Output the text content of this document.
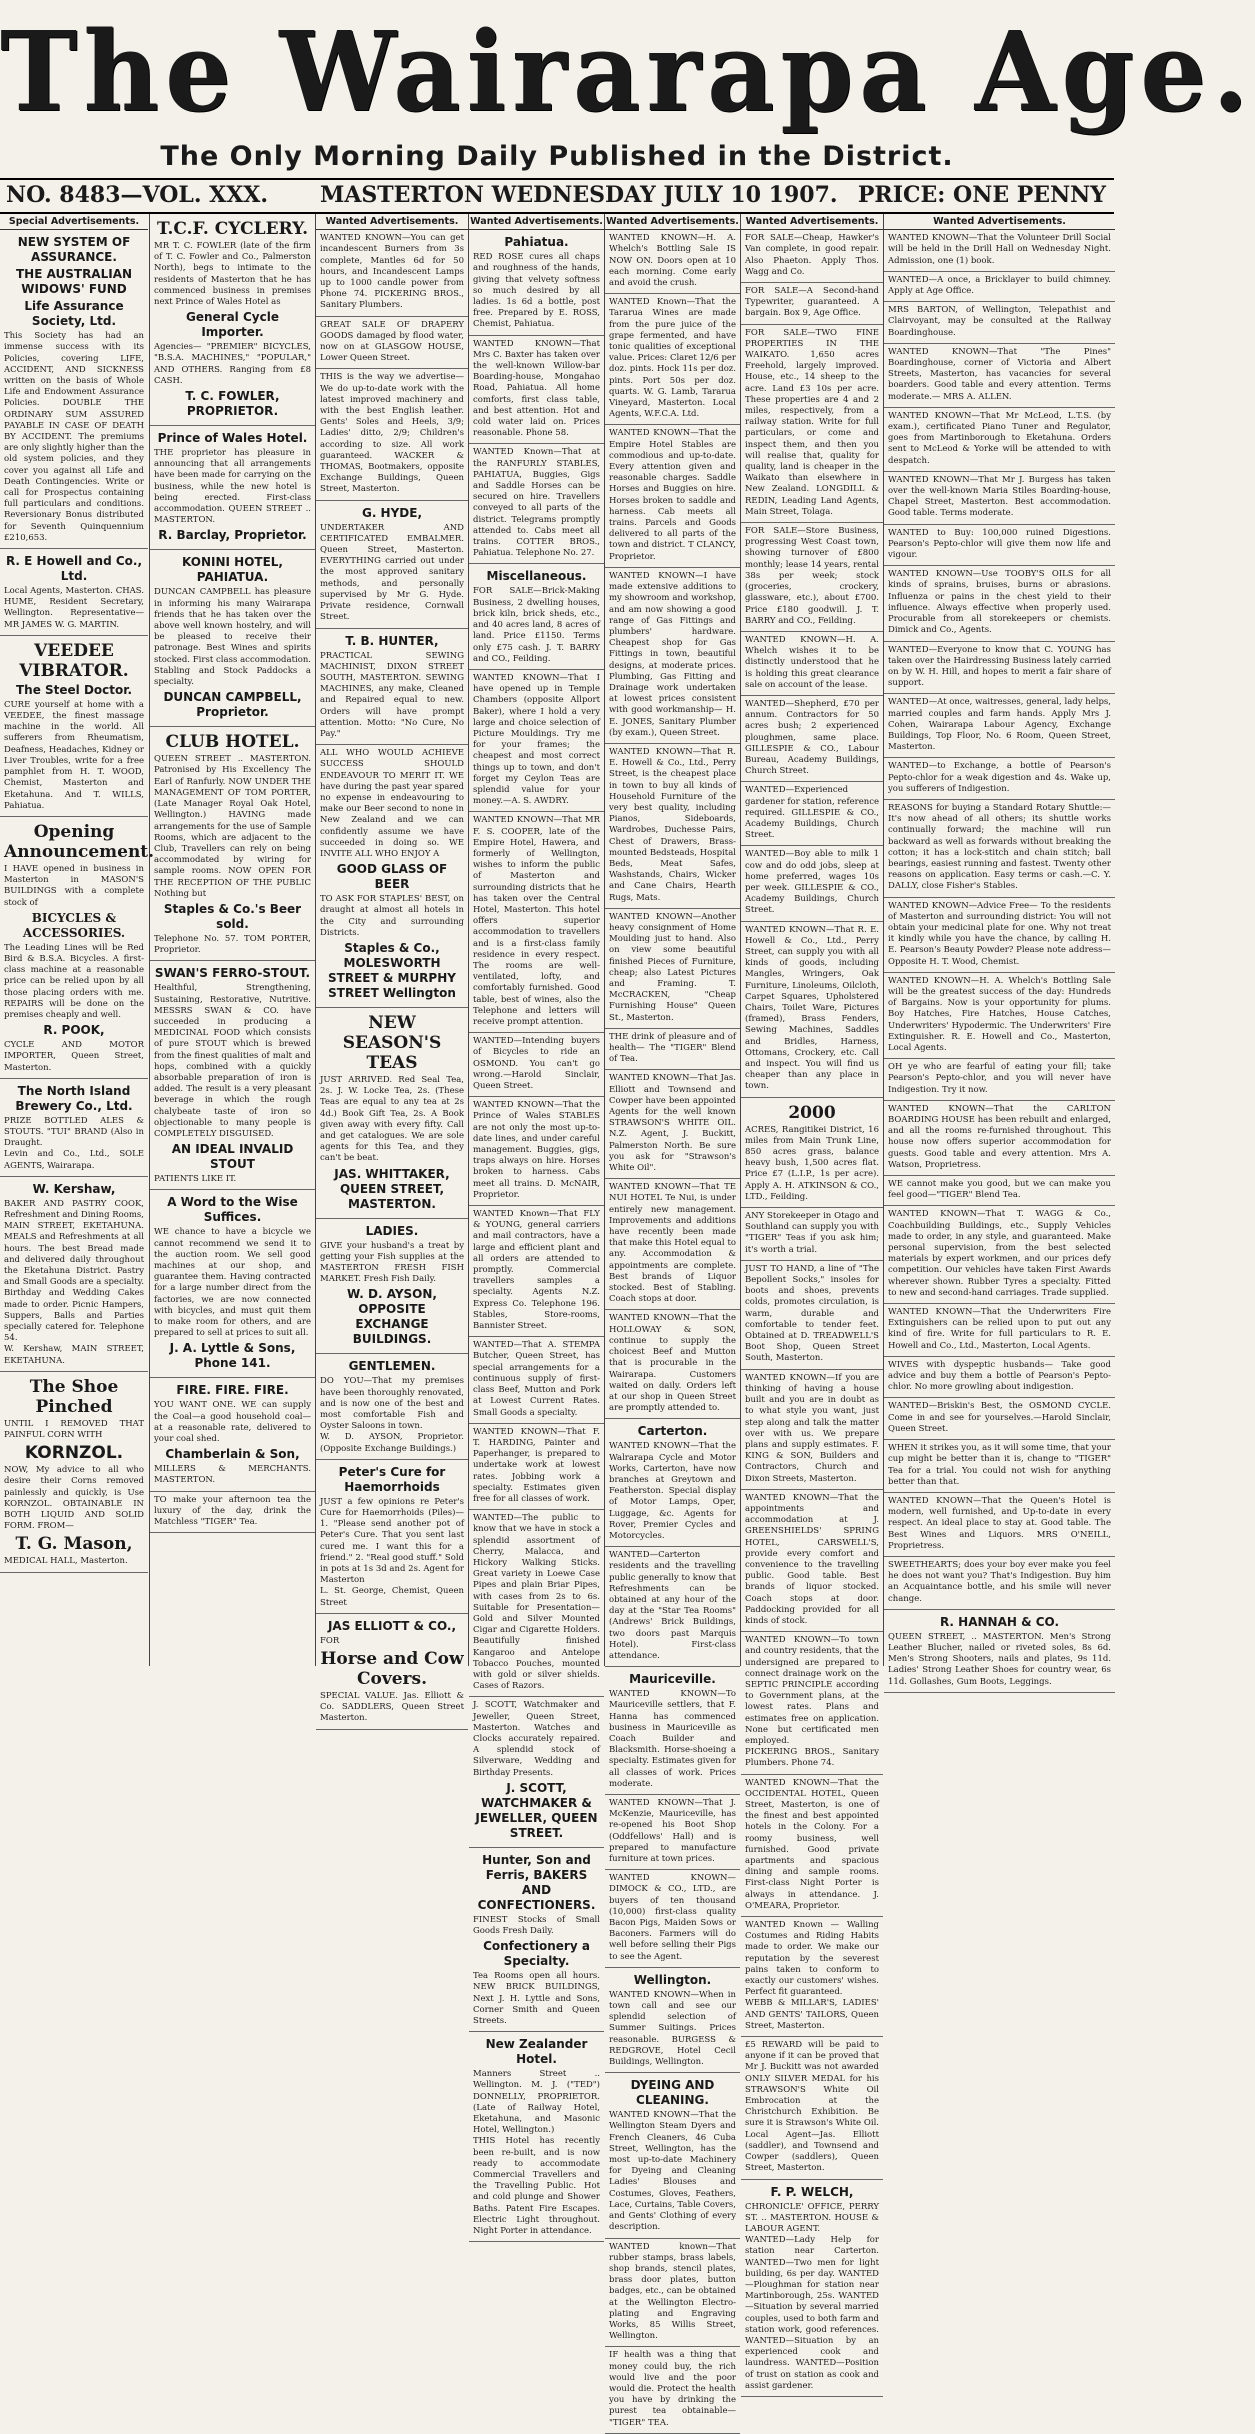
The Wairarapa Age.
The Only Morning Daily Published in the District.
NO. 8483—VOL. XXX. MASTERTON WEDNESDAY JULY 10 1907. PRICE: ONE PENNY
Special Advertisements.
NEW SYSTEM OF ASSURANCE.
THE AUSTRALIAN WIDOWS' FUND
Life Assurance Society, Ltd.

This Society has had an immense success with its Policies, covering LIFE, ACCIDENT, AND SICKNESS written on the basis of Whole Life and Endowment Assurance Policies. DOUBLE THE ORDINARY SUM ASSURED PAYABLE IN CASE OF DEATH BY ACCIDENT. The premiums are only slightly higher than the old system policies, and they cover you against all Life and Death Contingencies. Write or call for Prospectus containing full particulars and conditions. Reversionary Bonus distributed for Seventh Quinquennium £210,653.

R. E Howell and Co., Ltd.

Local Agents, Masterton. CHAS. HUME, Resident Secretary, Wellington. Representative— MR JAMES W. G. MARTIN.

VEEDEE VIBRATOR.
The Steel Doctor.

CURE yourself at home with a VEEDEE, the finest massage machine in the world. All sufferers from Rheumatism, Deafness, Headaches, Kidney or Liver Troubles, write for a free pamphlet from H. T. WOOD, Chemist, Masterton and Eketahuna. And T. WILLS, Pahiatua.

Opening Announcement.

I HAVE opened in business in Masterton in MASON'S BUILDINGS with a complete stock of

BICYCLES & ACCESSORIES.

The Leading Lines will be Red Bird & B.S.A. Bicycles. A first-class machine at a reasonable price can be relied upon by all those placing orders with me. REPAIRS will be done on the premises cheaply and well.

R. POOK,

CYCLE AND MOTOR IMPORTER, Queen Street, Masterton.

The North Island Brewery Co., Ltd.

PRIZE BOTTLED ALES & STOUTS. "TUI" BRAND (Also in Draught.

Levin and Co., Ltd., SOLE AGENTS, Wairarapa.

W. Kershaw,

BAKER AND PASTRY COOK, Refreshment and Dining Rooms, MAIN STREET, EKETAHUNA. MEALS and Refreshments at all hours. The best Bread made and delivered daily throughout the Eketahuna District. Pastry and Small Goods are a specialty. Birthday and Wedding Cakes made to order. Picnic Hampers, Suppers, Balls and Parties specially catered for. Telephone 54.

W. Kershaw, MAIN STREET, EKETAHUNA.

The Shoe Pinched

UNTIL I REMOVED THAT PAINFUL CORN WITH

KORNZOL.

NOW, My advice to all who desire their Corns removed painlessly and quickly, is Use KORNZOL. OBTAINABLE IN BOTH LIQUID AND SOLID FORM. FROM—

T. G. Mason,

MEDICAL HALL, Masterton.

T.C.F. CYCLERY.

MR T. C. FOWLER (late of the firm of T. C. Fowler and Co., Palmerston North), begs to intimate to the residents of Masterton that he has commenced business in premises next Prince of Wales Hotel as

General Cycle Importer.

Agencies— "PREMIER" BICYCLES, "B.S.A. MACHINES," "POPULAR," AND OTHERS. Ranging from £8 CASH.

T. C. FOWLER, PROPRIETOR.
Prince of Wales Hotel.

THE proprietor has pleasure in announcing that all arrangements have been made for carrying on the business, while the new hotel is being erected. First-class accommodation. QUEEN STREET .. MASTERTON.

R. Barclay, Proprietor.
KONINI HOTEL, PAHIATUA.

DUNCAN CAMPBELL has pleasure in informing his many Wairarapa friends that he has taken over the above well known hostelry, and will be pleased to receive their patronage. Best Wines and spirits stocked. First class accommodation. Stabling and Stock Paddocks a specialty.

DUNCAN CAMPBELL, Proprietor.
CLUB HOTEL.

QUEEN STREET .. MASTERTON. Patronised by His Excellency The Earl of Ranfurly. NOW UNDER THE MANAGEMENT OF TOM PORTER, (Late Manager Royal Oak Hotel, Wellington.) HAVING made arrangements for the use of Sample Rooms, which are adjacent to the Club, Travellers can rely on being accommodated by wiring for sample rooms. NOW OPEN FOR THE RECEPTION OF THE PUBLIC Nothing but

Staples & Co.'s Beer sold.

Telephone No. 57. TOM PORTER, Proprietor.

SWAN'S FERRO-STOUT.

Healthful, Strengthening, Sustaining, Restorative, Nutritive. MESSRS SWAN & CO. have succeeded in producing a MEDICINAL FOOD which consists of pure STOUT which is brewed from the finest qualities of malt and hops, combined with a quickly absorbable preparation of iron is added. The result is a very pleasant beverage in which the rough chalybeate taste of iron so objectionable to many people is COMPLETELY DISGUISED.

AN IDEAL INVALID STOUT

PATIENTS LIKE IT.

A Word to the Wise Suffices.

WE chance to have a bicycle we cannot recommend we send it to the auction room. We sell good machines at our shop, and guarantee them. Having contracted for a large number direct from the factories, we are now connected with bicycles, and must quit them to make room for others, and are prepared to sell at prices to suit all.

J. A. Lyttle & Sons, Phone 141.
FIRE. FIRE. FIRE.

YOU WANT ONE. WE can supply the Coal—a good household coal—at a reasonable rate, delivered to your coal shed.

Chamberlain & Son,

MILLERS & MERCHANTS. MASTERTON.

TO make your afternoon tea the luxury of the day, drink the Matchless "TIGER" Tea.

Wanted Advertisements.

WANTED KNOWN—You can get incandescent Burners from 3s complete, Mantles 6d for 50 hours, and Incandescent Lamps up to 1000 candle power from Phone 74. PICKERING BROS., Sanitary Plumbers.

GREAT SALE OF DRAPERY GOODS damaged by flood water, now on at GLASGOW HOUSE, Lower Queen Street.

THIS is the way we advertise—We do up-to-date work with the latest improved machinery and with the best English leather. Gents' Soles and Heels, 3/9; Ladies' ditto, 2/9; Children's according to size. All work guaranteed. WACKER & THOMAS, Bootmakers, opposite Exchange Buildings, Queen Street, Masterton.

G. HYDE,

UNDERTAKER AND CERTIFICATED EMBALMER. Queen Street, Masterton. EVERYTHING carried out under the most approved sanitary methods, and personally supervised by Mr G. Hyde. Private residence, Cornwall Street.

T. B. HUNTER,

PRACTICAL SEWING MACHINIST, DIXON STREET SOUTH, MASTERTON. SEWING MACHINES, any make, Cleaned and Repaired equal to new. Orders will have prompt attention. Motto: "No Cure, No Pay."

ALL WHO WOULD ACHIEVE SUCCESS SHOULD ENDEAVOUR TO MERIT IT. WE have during the past year spared no expense in endeavouring to make our Beer second to none in New Zealand and we can confidently assume we have succeeded in doing so. WE INVITE ALL WHO ENJOY A

GOOD GLASS OF BEER

TO ASK FOR STAPLES' BEST, on draught at almost all hotels in the City and surrounding Districts.

Staples & Co., MOLESWORTH STREET & MURPHY STREET Wellington
NEW SEASON'S TEAS

JUST ARRIVED. Red Seal Tea, 2s. J. W. Locke Tea, 2s. (These Teas are equal to any tea at 2s 4d.) Book Gift Tea, 2s. A Book given away with every fifty. Call and get catalogues. We are sole agents for this Tea, and they can't be beat.

JAS. WHITTAKER, QUEEN STREET, MASTERTON.
LADIES.

GIVE your husband's a treat by getting your Fish supplies at the MASTERTON FRESH FISH MARKET. Fresh Fish Daily.

W. D. AYSON, OPPOSITE EXCHANGE BUILDINGS.
GENTLEMEN.

DO YOU—That my premises have been thoroughly renovated, and is now one of the best and most comfortable Fish and Oyster Saloons in town.

W. D. AYSON, Proprietor. (Opposite Exchange Buildings.)

Peter's Cure for Haemorrhoids

JUST a few opinions re Peter's Cure for Haemorrhoids (Piles)— 1. "Please send another pot of Peter's Cure. That you sent last cured me. I want this for a friend." 2. "Real good stuff." Sold in pots at 1s 3d and 2s. Agent for Masterton

L. St. George, Chemist, Queen Street

JAS ELLIOTT & CO.,

FOR

Horse and Cow Covers.

SPECIAL VALUE. Jas. Elliott & Co. SADDLERS, Queen Street Masterton.

Wanted Advertisements.
Pahiatua.

RED ROSE cures all chaps and roughness of the hands, giving that velvety softness so much desired by all ladies. 1s 6d a bottle, post free. Prepared by E. ROSS, Chemist, Pahiatua.

WANTED KNOWN—That Mrs C. Baxter has taken over the well-known Willow-bar Boarding-house, Mongahao Road, Pahiatua. All home comforts, first class table, and best attention. Hot and cold water laid on. Prices reasonable. Phone 58.

WANTED Known—That at the RANFURLY STABLES, PAHIATUA, Buggies, Gigs and Saddle Horses can be secured on hire. Travellers conveyed to all parts of the district. Telegrams promptly attended to. Cabs meet all trains. COTTER BROS., Pahiatua. Telephone No. 27.

Miscellaneous.

FOR SALE—Brick-Making Business, 2 dwelling houses, brick kiln, brick sheds, etc., and 40 acres land, 8 acres of land. Price £1150. Terms only £75 cash. J. T. BARRY and CO., Feilding.

WANTED KNOWN—That I have opened up in Temple Chambers (opposite Allport Baker), where I hold a very large and choice selection of Picture Mouldings. Try me for your frames; the cheapest and most correct things up to town, and don't forget my Ceylon Teas are splendid value for your money.—A. S. AWDRY.

WANTED KNOWN—That MR F. S. COOPER, late of the Empire Hotel, Hawera, and formerly of Wellington, wishes to inform the public of Masterton and surrounding districts that he has taken over the Central Hotel, Masterton. This hotel offers superior accommodation to travellers and is a first-class family residence in every respect. The rooms are well-ventilated, lofty, and comfortably furnished. Good table, best of wines, also the Telephone and letters will receive prompt attention.

WANTED—Intending buyers of Bicycles to ride an OSMOND. You can't go wrong.—Harold Sinclair, Queen Street.

WANTED KNOWN—That the Prince of Wales STABLES are not only the most up-to-date lines, and under careful management. Buggies, gigs, traps always on hire. Horses broken to harness. Cabs meet all trains. D. McNAIR, Proprietor.

WANTED Known—That FLY & YOUNG, general carriers and mail contractors, have a large and efficient plant and all orders are attended to promptly. Commercial travellers samples a specialty. Agents N.Z. Express Co. Telephone 196. Stables, Store-rooms, Bannister Street.

WANTED—That A. STEMPA Butcher, Queen Street, has special arrangements for a continuous supply of first-class Beef, Mutton and Pork at Lowest Current Rates. Small Goods a specialty.

WANTED KNOWN—That F. T. HARDING, Painter and Paperhanger, is prepared to undertake work at lowest rates. Jobbing work a specialty. Estimates given free for all classes of work.

WANTED—The public to know that we have in stock a splendid assortment of Cherry, Malacca, and Hickory Walking Sticks. Great variety in Loewe Case Pipes and plain Briar Pipes, with cases from 2s to 6s. Suitable for Presentation—Gold and Silver Mounted Cigar and Cigarette Holders. Beautifully finished Kangaroo and Antelope Tobacco Pouches, mounted with gold or silver shields. Cases of Razors.

J. SCOTT, Watchmaker and Jeweller, Queen Street, Masterton. Watches and Clocks accurately repaired. A splendid stock of Silverware, Wedding and Birthday Presents.

J. SCOTT, WATCHMAKER & JEWELLER, QUEEN STREET.
Hunter, Son and Ferris, BAKERS AND CONFECTIONERS.

FINEST Stocks of Small Goods Fresh Daily.

Confectionery a Specialty.

Tea Rooms open all hours. NEW BRICK BUILDINGS, Next J. H. Lyttle and Sons, Corner Smith and Queen Streets.

New Zealander Hotel.

Manners Street .. Wellington. M. J. ("TED") DONNELLY, PROPRIETOR. (Late of Railway Hotel, Eketahuna, and Masonic Hotel, Wellington.)

THIS Hotel has recently been re-built, and is now ready to accommodate Commercial Travellers and the Travelling Public. Hot and cold plunge and Shower Baths. Patent Fire Escapes. Electric Light throughout. Night Porter in attendance.

Wanted Advertisements.

WANTED KNOWN—H. A. Whelch's Bottling Sale IS NOW ON. Doors open at 10 each morning. Come early and avoid the crush.

WANTED Known—That the Tararua Wines are made from the pure juice of the grape fermented, and have tonic qualities of exceptional value. Prices: Claret 12/6 per doz. pints. Hock 11s per doz. pints. Port 50s per doz. quarts. W. G. Lamb, Tararua Vineyard, Masterton. Local Agents, W.F.C.A. Ltd.

WANTED KNOWN—That the Empire Hotel Stables are commodious and up-to-date. Every attention given and reasonable charges. Saddle Horses and Buggies on hire. Horses broken to saddle and harness. Cab meets all trains. Parcels and Goods delivered to all parts of the town and district. T CLANCY, Proprietor.

WANTED KNOWN—I have made extensive additions to my showroom and workshop, and am now showing a good range of Gas Fittings and plumbers' hardware. Cheapest shop for Gas Fittings in town, beautiful designs, at moderate prices. Plumbing, Gas Fitting and Drainage work undertaken at lowest prices consistent with good workmanship— H. E. JONES, Sanitary Plumber (by exam.), Queen Street.

WANTED KNOWN—That R. E. Howell & Co., Ltd., Perry Street, is the cheapest place in town to buy all kinds of Household Furniture of the very best quality, including Pianos, Sideboards, Wardrobes, Duchesse Pairs, Chest of Drawers, Brass-mounted Bedsteads, Hospital Beds, Meat Safes, Washstands, Chairs, Wicker and Cane Chairs, Hearth Rugs, Mats.

WANTED KNOWN—Another heavy consignment of Home Moulding just to hand. Also on view some beautiful finished Pieces of Furniture, cheap; also Latest Pictures and Framing. T. McCRACKEN, "Cheap Furnishing House" Queen St., Masterton.

THE drink of pleasure and of health— The "TIGER" Blend of Tea.

WANTED KNOWN—That Jas. Elliott and Townsend and Cowper have been appointed Agents for the well known STRAWSON'S WHITE OIL. N.Z. Agent, J. Buckitt, Palmerston North. Be sure you ask for "Strawson's White Oil".

WANTED KNOWN—That TE NUI HOTEL Te Nui, is under entirely new management. Improvements and additions have recently been made that make this Hotel equal to any. Accommodation & appointments are complete. Best brands of Liquor stocked. Best of Stabling. Coach stops at door.

WANTED KNOWN—That the HOLLOWAY & SON, continue to supply the choicest Beef and Mutton that is procurable in the Wairarapa. Customers waited on daily. Orders left at our shop in Queen Street are promptly attended to.

Carterton.

WANTED KNOWN—That the Walrarapa Cycle and Motor Works, Carterton, have now branches at Greytown and Featherston. Special display of Motor Lamps, Oper, Luggage, &c. Agents for Rover, Premier Cycles and Motorcycles.

WANTED—Carterton residents and the travelling public generally to know that Refreshments can be obtained at any hour of the day at the "Star Tea Rooms" (Andrews' Brick Buildings, two doors past Marquis Hotel). First-class attendance.

Mauriceville.

WANTED KNOWN—To Mauriceville settlers, that F. Hanna has commenced business in Mauriceville as Coach Builder and Blacksmith. Horse-shoeing a specialty. Estimates given for all classes of work. Prices moderate.

WANTED KNOWN—That J. McKenzie, Mauriceville, has re-opened his Boot Shop (Oddfellows' Hall) and is prepared to manufacture furniture at town prices.

WANTED KNOWN—DIMOCK & CO., LTD., are buyers of ten thousand (10,000) first-class quality Bacon Pigs, Maiden Sows or Baconers. Farmers will do well before selling their Pigs to see the Agent.

Wellington.

WANTED KNOWN—When in town call and see our splendid selection of Summer Suitings. Prices reasonable. BURGESS & REDGROVE, Hotel Cecil Buildings, Wellington.

DYEING AND CLEANING.

WANTED KNOWN—That the Wellington Steam Dyers and French Cleaners, 46 Cuba Street, Wellington, has the most up-to-date Machinery for Dyeing and Cleaning Ladies' Blouses and Costumes, Gloves, Feathers, Lace, Curtains, Table Covers, and Gents' Clothing of every description.

WANTED known—That rubber stamps, brass labels, shop brands, stencil plates, brass door plates, button badges, etc., can be obtained at the Wellington Electro-plating and Engraving Works, 85 Willis Street, Wellington.

IF health was a thing that money could buy, the rich would live and the poor would die. Protect the health you have by drinking the purest tea obtainable— "TIGER" TEA.

Wanted Advertisements.

FOR SALE—Cheap, Hawker's Van complete, in good repair. Also Phaeton. Apply Thos. Wagg and Co.

FOR SALE—A Second-hand Typewriter, guaranteed. A bargain. Box 9, Age Office.

FOR SALE—TWO FINE PROPERTIES IN THE WAIKATO. 1,650 acres Freehold, largely improved. House, etc., 14 sheep to the acre. Land £3 10s per acre. These properties are 4 and 2 miles, respectively, from a railway station. Write for full particulars, or come and inspect them, and then you will realise that, quality for quality, land is cheaper in the Waikato than elsewhere in New Zealand. LONGDILL & REDIN, Leading Land Agents, Main Street, Tolaga.

FOR SALE—Store Business, progressing West Coast town, showing turnover of £800 monthly; lease 14 years, rental 38s per week; stock (groceries, crockery, glassware, etc.), about £700. Price £180 goodwill. J. T. BARRY and CO., Feilding.

WANTED KNOWN—H. A. Whelch wishes it to be distinctly understood that he is holding this great clearance sale on account of the lease.

WANTED—Shepherd, £70 per annum. Contractors for 50 acres bush; 2 experienced ploughmen, same place. GILLESPIE & CO., Labour Bureau, Academy Buildings, Church Street.

WANTED—Experienced gardener for station, reference required. GILLESPIE & CO., Academy Buildings, Church Street.

WANTED—Boy able to milk 1 cow and do odd jobs, sleep at home preferred, wages 10s per week. GILLESPIE & CO., Academy Buildings, Church Street.

WANTED KNOWN—That R. E. Howell & Co., Ltd., Perry Street, can supply you with all kinds of goods, including Mangles, Wringers, Oak Furniture, Linoleums, Oilcloth, Carpet Squares, Upholstered Chairs, Toilet Ware, Pictures (framed), Brass Fenders, Sewing Machines, Saddles and Bridles, Harness, Ottomans, Crockery, etc. Call and inspect. You will find us cheaper than any place in town.

2000

ACRES, Rangitikei District, 16 miles from Main Trunk Line, 850 acres grass, balance heavy bush, 1,500 acres flat. Price £7 (L.I.P., 1s per acre). Apply A. H. ATKINSON & CO., LTD., Feilding.

ANY Storekeeper in Otago and Southland can supply you with "TIGER" Teas if you ask him; it's worth a trial.

JUST TO HAND, a line of "The Bepollent Socks," insoles for boots and shoes, prevents colds, promotes circulation, is warm, durable and comfortable to tender feet. Obtained at D. TREADWELL'S Boot Shop, Queen Street South, Masterton.

WANTED KNOWN—If you are thinking of having a house built and you are in doubt as to what style you want, just step along and talk the matter over with us. We prepare plans and supply estimates. F. KING & SON, Builders and Contractors, Church and Dixon Streets, Masterton.

WANTED KNOWN—That the appointments and accommodation at J. GREENSHIELDS' SPRING HOTEL, CARSWELL'S, provide every comfort and convenience to the travelling public. Good table. Best brands of liquor stocked. Coach stops at door. Paddocking provided for all kinds of stock.

WANTED KNOWN—To town and country residents, that the undersigned are prepared to connect drainage work on the SEPTIC PRINCIPLE according to Government plans, at the lowest rates. Plans and estimates free on application. None but certificated men employed.

PICKERING BROS., Sanitary Plumbers. Phone 74.

WANTED KNOWN—That the OCCIDENTAL HOTEL, Queen Street, Masterton, is one of the finest and best appointed hotels in the Colony. For a roomy business, well furnished. Good private apartments and spacious dining and sample rooms. First-class Night Porter is always in attendance. J. O'MEARA, Proprietor.

WANTED Known — Walling Costumes and Riding Habits made to order. We make our reputation by the severest pains taken to conform to exactly our customers' wishes. Perfect fit guaranteed.

WEBB & MILLAR'S, LADIES' AND GENTS' TAILORS, Queen Street, Masterton.

£5 REWARD will be paid to anyone if it can be proved that Mr J. Buckitt was not awarded ONLY SILVER MEDAL for his STRAWSON'S White Oil Embrocation at the Christchurch Exhibition. Be sure it is Strawson's White Oil. Local Agent—Jas. Elliott (saddler), and Townsend and Cowper (saddlers), Queen Street, Masterton.

F. P. WELCH,

CHRONICLE' OFFICE, PERRY ST. .. MASTERTON. HOUSE & LABOUR AGENT.

WANTED—Lady Help for station near Carterton. WANTED—Two men for light building, 6s per day. WANTED—Ploughman for station near Martinborough, 25s. WANTED—Situation by several married couples, used to both farm and station work, good references. WANTED—Situation by an experienced cook and laundress. WANTED—Position of trust on station as cook and assist gardener.

Wanted Advertisements.

WANTED KNOWN—That the Volunteer Drill Social will be held in the Drill Hall on Wednesday Night. Admission, one (1) book.

WANTED—A once, a Bricklayer to build chimney. Apply at Age Office.

MRS BARTON, of Wellington, Telepathist and Clairvoyant, may be consulted at the Railway Boardinghouse.

WANTED KNOWN—That "The Pines" Boardinghouse, corner of Victoria and Albert Streets, Masterton, has vacancies for several boarders. Good table and every attention. Terms moderate.— MRS A. ALLEN.

WANTED KNOWN—That Mr McLeod, L.T.S. (by exam.), certificated Piano Tuner and Regulator, goes from Martinborough to Eketahuna. Orders sent to McLeod & Yorke will be attended to with despatch.

WANTED KNOWN—That Mr J. Burgess has taken over the well-known Maria Stiles Boarding-house, Chapel Street, Masterton. Best accommodation. Good table. Terms moderate.

WANTED to Buy: 100,000 ruined Digestions. Pearson's Pepto-chlor will give them now life and vigour.

WANTED KNOWN—Use TOOBY'S OILS for all kinds of sprains, bruises, burns or abrasions. Influenza or pains in the chest yield to their influence. Always effective when properly used. Procurable from all storekeepers or chemists. Dimick and Co., Agents.

WANTED—Everyone to know that C. YOUNG has taken over the Hairdressing Business lately carried on by W. H. Hill, and hopes to merit a fair share of support.

WANTED—At once, waitresses, general, lady helps, married couples and farm hands. Apply Mrs J. Cohen, Wairarapa Labour Agency, Exchange Buildings, Top Floor, No. 6 Room, Queen Street, Masterton.

WANTED—to Exchange, a bottle of Pearson's Pepto-chlor for a weak digestion and 4s. Wake up, you sufferers of Indigestion.

REASONS for buying a Standard Rotary Shuttle:—It's now ahead of all others; its shuttle works continually forward; the machine will run backward as well as forwards without breaking the cotton; it has a lock-stitch and chain stitch; ball bearings, easiest running and fastest. Twenty other reasons on application. Easy terms or cash.—C. Y. DALLY, close Fisher's Stables.

WANTED KNOWN—Advice Free— To the residents of Masterton and surrounding district: You will not obtain your medicinal plate for one. Why not treat it kindly while you have the chance, by calling H. E. Pearson's Beauty Powder? Please note address—Opposite H. T. Wood, Chemist.

WANTED KNOWN—H. A. Whelch's Bottling Sale will be the greatest success of the day: Hundreds of Bargains. Now is your opportunity for plums. Boy Hatches, Fire Hatches, House Catches, Underwriters' Hypodermic. The Underwriters' Fire Extinguisher. R. E. Howell and Co., Masterton, Local Agents.

OH ye who are fearful of eating your fill; take Pearson's Pepto-chlor, and you will never have Indigestion. Try it now.

WANTED KNOWN—That the CARLTON BOARDING HOUSE has been rebuilt and enlarged, and all the rooms re-furnished throughout. This house now offers superior accommodation for guests. Good table and every attention. Mrs A. Watson, Proprietress.

WE cannot make you good, but we can make you feel good—"TIGER" Blend Tea.

WANTED KNOWN—That T. WAGG & Co., Coachbuilding Buildings, etc., Supply Vehicles made to order, in any style, and guaranteed. Make personal supervision, from the best selected materials by expert workmen, and our prices defy competition. Our vehicles have taken First Awards wherever shown. Rubber Tyres a specialty. Fitted to new and second-hand carriages. Trade supplied.

WANTED KNOWN—That the Underwriters Fire Extinguishers can be relied upon to put out any kind of fire. Write for full particulars to R. E. Howell and Co., Ltd., Masterton, Local Agents.

WIVES with dyspeptic husbands— Take good advice and buy them a bottle of Pearson's Pepto-chlor. No more growling about indigestion.

WANTED—Briskin's Best, the OSMOND CYCLE. Come in and see for yourselves.—Harold Sinclair, Queen Street.

WHEN it strikes you, as it will some time, that your cup might be better than it is, change to "TIGER" Tea for a trial. You could not wish for anything better than that.

WANTED KNOWN—That the Queen's Hotel is modern, well furnished, and Up-to-date in every respect. An ideal place to stay at. Good table. The Best Wines and Liquors. MRS O'NEILL, Proprietress.

SWEETHEARTS; does your boy ever make you feel he does not want you? That's Indigestion. Buy him an Acquaintance bottle, and his smile will never change.

R. HANNAH & CO.

QUEEN STREET, .. MASTERTON. Men's Strong Leather Blucher, nailed or riveted soles, 8s 6d. Men's Strong Shooters, nails and plates, 9s 11d. Ladies' Strong Leather Shoes for country wear, 6s 11d. Gollashes, Gum Boots, Leggings.
